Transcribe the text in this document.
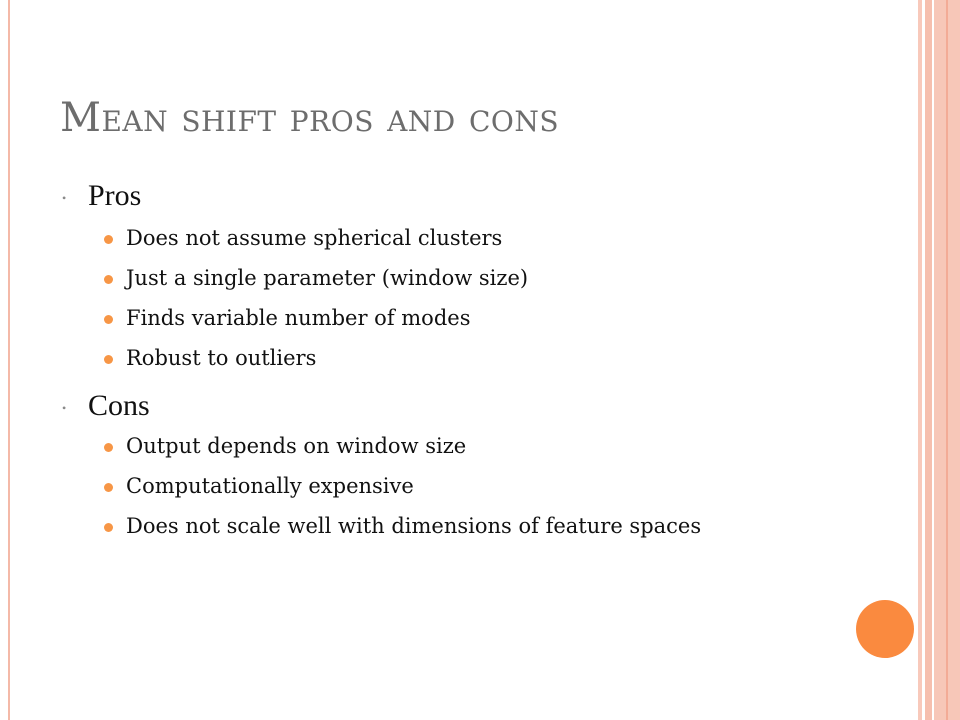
Mean shift pros and cons
• Pros
Does not assume spherical clusters
Just a single parameter (window size)
Finds variable number of modes
Robust to outliers
• Cons
Output depends on window size
Computationally expensive
Does not scale well with dimensions of feature spaces
